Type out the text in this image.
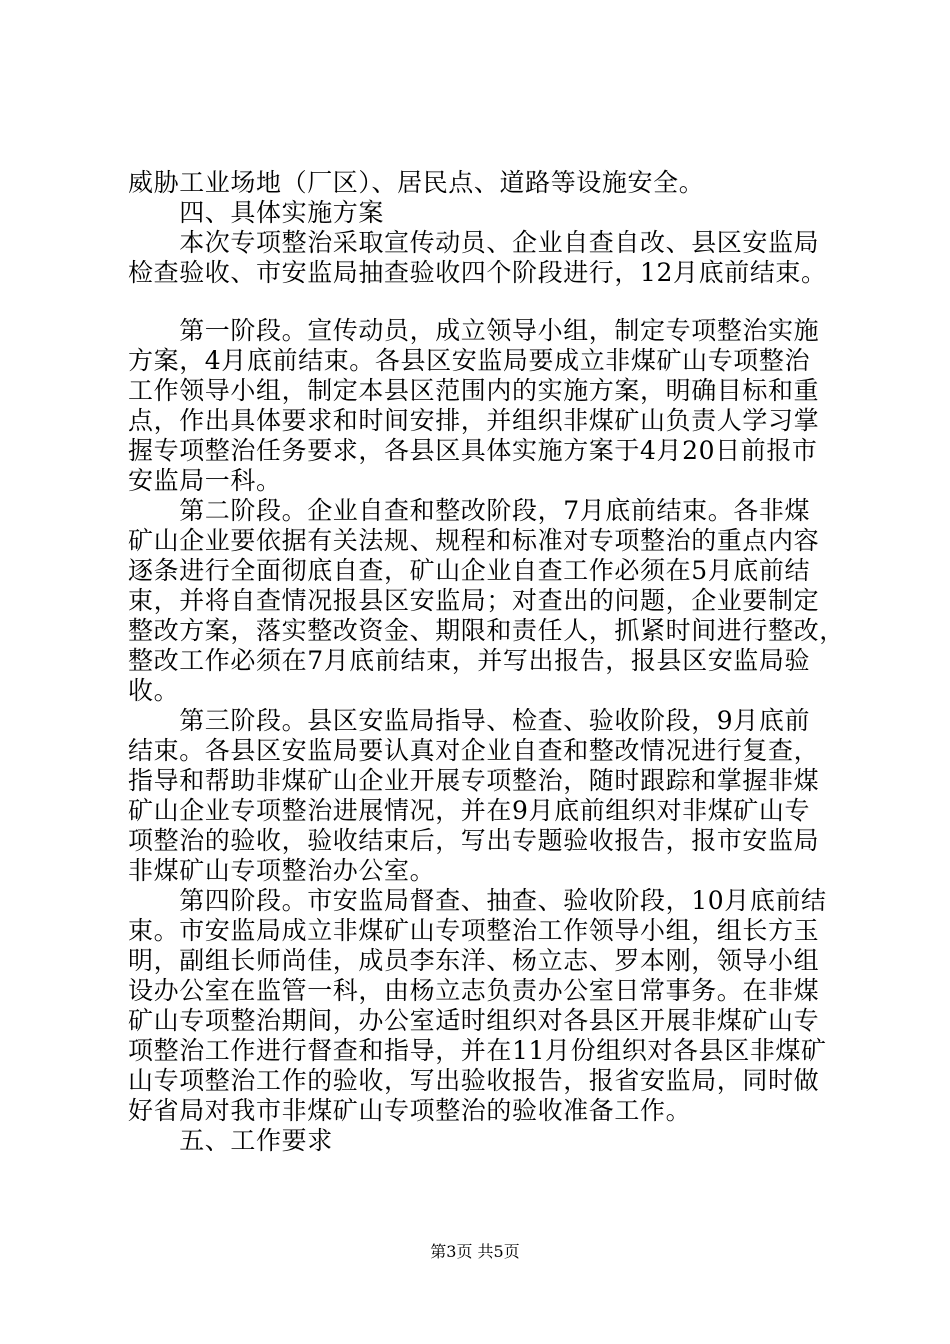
威胁工业场地（厂区）、居民点、道路等设施安全。
　　四、具体实施方案
　　本次专项整治采取宣传动员、企业自查自改、县区安监局
检查验收、市安监局抽查验收四个阶段进行，12月底前结束。
　　第一阶段。宣传动员，成立领导小组，制定专项整治实施
方案，4月底前结束。各县区安监局要成立非煤矿山专项整治
工作领导小组，制定本县区范围内的实施方案，明确目标和重
点，作出具体要求和时间安排，并组织非煤矿山负责人学习掌
握专项整治任务要求，各县区具体实施方案于4月20日前报市
安监局一科。
　　第二阶段。企业自查和整改阶段，7月底前结束。各非煤
矿山企业要依据有关法规、规程和标准对专项整治的重点内容
逐条进行全面彻底自查，矿山企业自查工作必须在5月底前结
束，并将自查情况报县区安监局；对查出的问题，企业要制定
整改方案，落实整改资金、期限和责任人，抓紧时间进行整改，
整改工作必须在7月底前结束，并写出报告，报县区安监局验
收。
　　第三阶段。县区安监局指导、检查、验收阶段，9月底前
结束。各县区安监局要认真对企业自查和整改情况进行复查，
指导和帮助非煤矿山企业开展专项整治，随时跟踪和掌握非煤
矿山企业专项整治进展情况，并在9月底前组织对非煤矿山专
项整治的验收，验收结束后，写出专题验收报告，报市安监局
非煤矿山专项整治办公室。
　　第四阶段。市安监局督查、抽查、验收阶段，10月底前结
束。市安监局成立非煤矿山专项整治工作领导小组，组长方玉
明，副组长师尚佳，成员李东洋、杨立志、罗本刚，领导小组
设办公室在监管一科，由杨立志负责办公室日常事务。在非煤
矿山专项整治期间，办公室适时组织对各县区开展非煤矿山专
项整治工作进行督查和指导，并在11月份组织对各县区非煤矿
山专项整治工作的验收，写出验收报告，报省安监局，同时做
好省局对我市非煤矿山专项整治的验收准备工作。
　　五、工作要求
第3页 共5页
